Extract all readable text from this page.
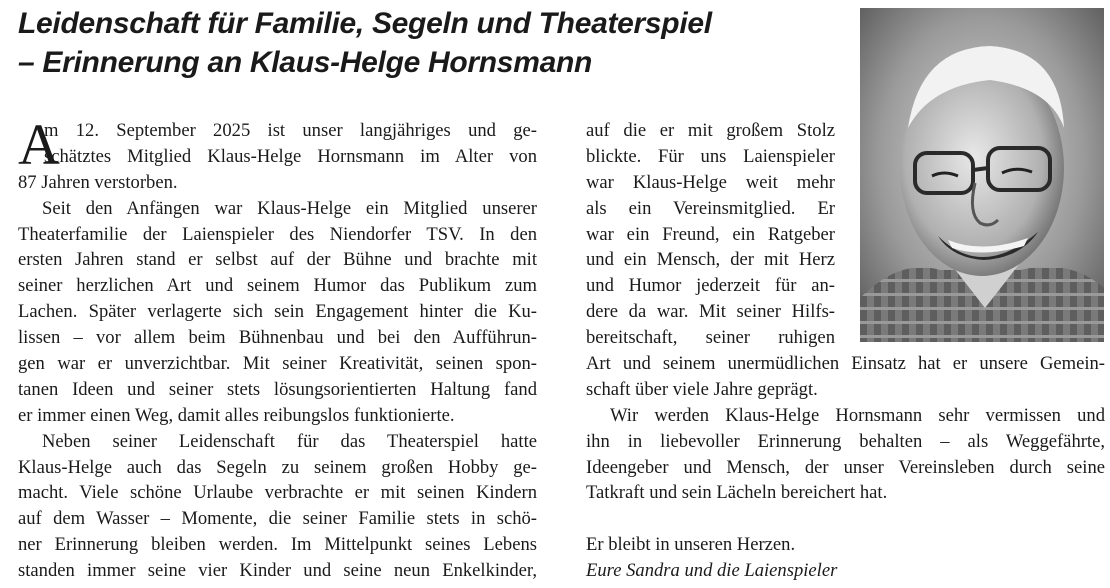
Leidenschaft für Familie, Segeln und Theaterspiel
– Erinnerung an Klaus-Helge Hornsmann
A
m 12. September 2025 ist unser langjähriges und ge-
schätztes Mitglied Klaus-Helge Hornsmann im Alter von
87 Jahren verstorben.
Seit den Anfängen war Klaus-Helge ein Mitglied unserer
Theaterfamilie der Laienspieler des Niendorfer TSV. In den
ersten Jahren stand er selbst auf der Bühne und brachte mit
seiner herzlichen Art und seinem Humor das Publikum zum
Lachen. Später verlagerte sich sein Engagement hinter die Ku-
lissen – vor allem beim Bühnenbau und bei den Aufführun-
gen war er unverzichtbar. Mit seiner Kreativität, seinen spon-
tanen Ideen und seiner stets lösungsorientierten Haltung fand
er immer einen Weg, damit alles reibungslos funktionierte.
Neben seiner Leidenschaft für das Theaterspiel hatte
Klaus-Helge auch das Segeln zu seinem großen Hobby ge-
macht. Viele schöne Urlaube verbrachte er mit seinen Kindern
auf dem Wasser – Momente, die seiner Familie stets in schö-
ner Erinnerung bleiben werden. Im Mittelpunkt seines Lebens
standen immer seine vier Kinder und seine neun Enkelkinder,
auf die er mit großem Stolz
blickte. Für uns Laienspieler
war Klaus-Helge weit mehr
als ein Vereinsmitglied. Er
war ein Freund, ein Ratgeber
und ein Mensch, der mit Herz
und Humor jederzeit für an-
dere da war. Mit seiner Hilfs-
bereitschaft, seiner ruhigen
Art und seinem unermüdlichen Einsatz hat er unsere Gemein-
schaft über viele Jahre geprägt.
Wir werden Klaus-Helge Hornsmann sehr vermissen und
ihn in liebevoller Erinnerung behalten – als Weggefährte,
Ideengeber und Mensch, der unser Vereinsleben durch seine
Tatkraft und sein Lächeln bereichert hat.
Er bleibt in unseren Herzen.
Eure Sandra und die Laienspieler
